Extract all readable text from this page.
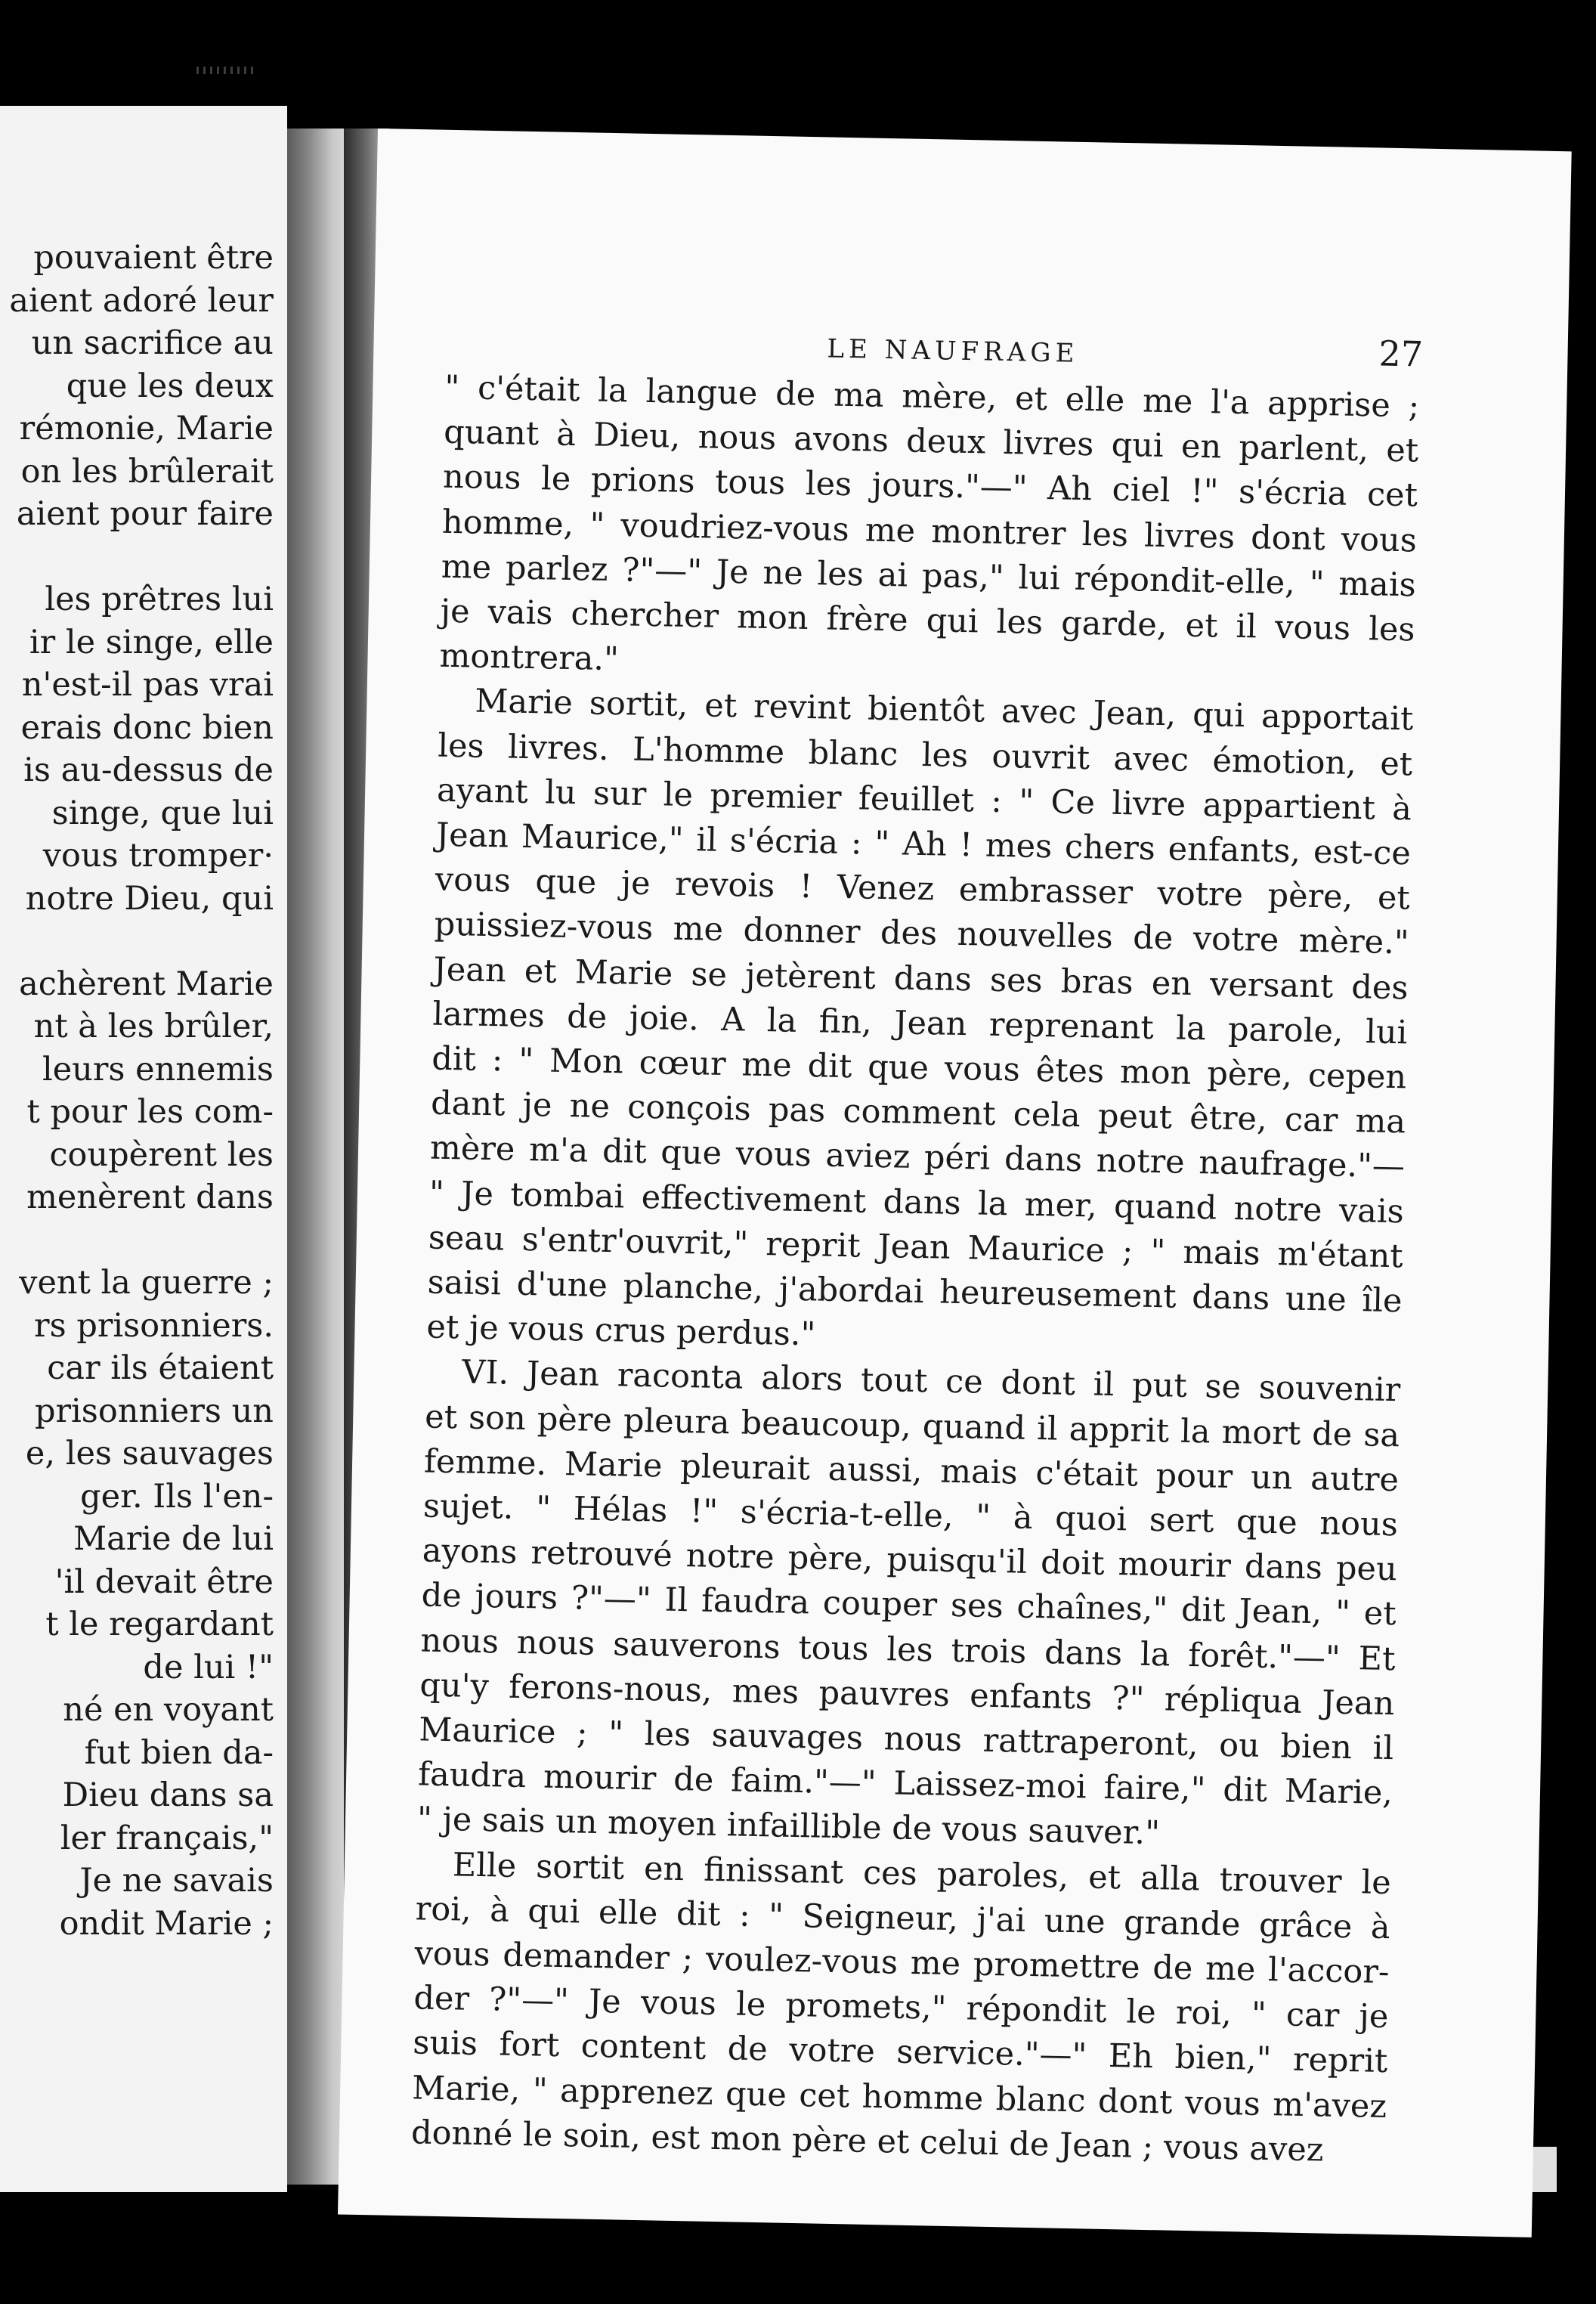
pouvaient être
aient adoré leur
un sacrifice au
que les deux
rémonie, Marie
on les brûlerait
aient pour faire
les prêtres lui
ir le singe, elle
n'est-il pas vrai
erais donc bien
is au-dessus de
singe, que lui
vous tromper·
notre Dieu, qui
achèrent Marie
nt à les brûler,
leurs ennemis
t pour les com-
coupèrent les
menèrent dans
vent la guerre ;
rs prisonniers.
car ils étaient
prisonniers un
e, les sauvages
ger. Ils l'en-
Marie de lui
'il devait être
t le regardant
de lui !"
né en voyant
fut bien da-
Dieu dans sa
ler français,"
Je ne savais
ondit Marie ;
LE NAUFRAGE	27
" c'était la langue de ma mère, et elle me l'a apprise ;
quant à Dieu, nous avons deux livres qui en parlent, et
nous le prions tous les jours."—" Ah ciel !" s'écria cet
homme, " voudriez-vous me montrer les livres dont vous
me parlez ?"—" Je ne les ai pas," lui répondit-elle, " mais
je vais chercher mon frère qui les garde, et il vous les
montrera."
Marie sortit, et revint bientôt avec Jean, qui apportait
les livres. L'homme blanc les ouvrit avec émotion, et
ayant lu sur le premier feuillet : " Ce livre appartient à
Jean Maurice," il s'écria : " Ah ! mes chers enfants, est-ce
vous que je revois ! Venez embrasser votre père, et
puissiez-vous me donner des nouvelles de votre mère."
Jean et Marie se jetèrent dans ses bras en versant des
larmes de joie. A la fin, Jean reprenant la parole, lui
dit : " Mon cœur me dit que vous êtes mon père, cepen
dant je ne conçois pas comment cela peut être, car ma
mère m'a dit que vous aviez péri dans notre naufrage."—
" Je tombai effectivement dans la mer, quand notre vais
seau s'entr'ouvrit," reprit Jean Maurice ; " mais m'étant
saisi d'une planche, j'abordai heureusement dans une île
et je vous crus perdus."
VI. Jean raconta alors tout ce dont il put se souvenir
et son père pleura beaucoup, quand il apprit la mort de sa
femme. Marie pleurait aussi, mais c'était pour un autre
sujet. " Hélas !" s'écria-t-elle, " à quoi sert que nous
ayons retrouvé notre père, puisqu'il doit mourir dans peu
de jours ?"—" Il faudra couper ses chaînes," dit Jean, " et
nous nous sauverons tous les trois dans la forêt."—" Et
qu'y ferons-nous, mes pauvres enfants ?" répliqua Jean
Maurice ; " les sauvages nous rattraperont, ou bien il
faudra mourir de faim."—" Laissez-moi faire," dit Marie,
" je sais un moyen infaillible de vous sauver."
Elle sortit en finissant ces paroles, et alla trouver le
roi, à qui elle dit : " Seigneur, j'ai une grande grâce à
vous demander ; voulez-vous me promettre de me l'accor-
der ?"—" Je vous le promets," répondit le roi, " car je
suis fort content de votre service."—" Eh bien," reprit
Marie, " apprenez que cet homme blanc dont vous m'avez
donné le soin, est mon père et celui de Jean ; vous avez
